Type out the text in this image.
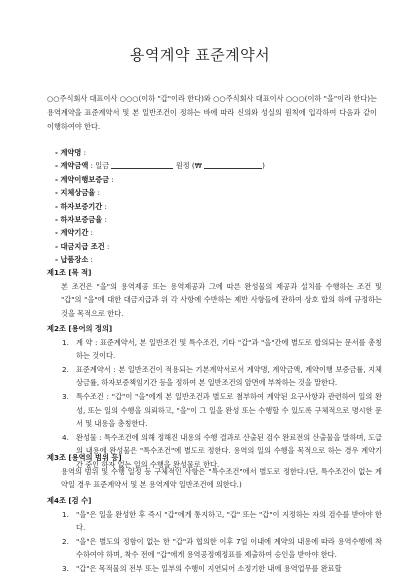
용역계약 표준계약서
○○주식회사 대표이사 ○○○(이하 "갑"이라 한다)와 ○○주식회사 대표이사 ○○○(이하 "을"이라 한다)는 용역계약을 표준계약서 및 본 일반조건이 정하는 바에 따라 신의와 성실의 원칙에 입각하여 다음과 같이 이행하여야 한다.
- 계약명 :
- 계약금액 : 일금	원정 (₩	)
- 계약이행보증금 :
- 지체상금율 :
- 하자보증기간 :
- 하자보증금율 :
- 계약기간 :
- 대금지급 조건 :
- 납품장소 :
제1조 [목 적]
본 조건은 "을"의 용역제공 또는 용역제공과 그에 따른 완성물의 제공과 설치를 수행하는 조건 및 "갑"의 "을"에 대한 대금지급과 위 각 사항에 수반하는 제반 사항들에 관하여 상호 합의 하에 규정하는 것을 목적으로 한다.
제2조 [용어의 정의]
1. 계 약 : 표준계약서, 본 일반조건 및 특수조건, 기타 "갑"과 "을"간에 별도로 합의되는 문서를 총칭하는 것이다.
2. 표준계약서 : 본 일반조건이 적용되는 기본계약서로서 계약명, 계약금액, 계약이행 보증금률, 지체상금률, 하자보증책임기간 등을 정하여 본 일반조건의 앞면에 부착하는 것을 말한다.
3. 특수조건 : "갑"이 "을"에게 본 일반조건과 별도로 첨부하여 계약된 요구사항과 관련하여 일의 완성, 또는 일의 수행을 의뢰하고, "을"이 그 일을 완성 또는 수행할 수 있도록 구체적으로 명시한 문서 및 내용을 총칭한다.
4. 완성물 : 특수조건에 의해 정해진 내용의 수행 결과로 산출된 검수 완료전의 산출물을 말하며, 도급의 내용에 완성물은 "특수조건"에 별도로 정한다. 용역의 일의 수행을 목적으로 하는 경우 계약기간 중인 하자 없는 일의 수행을 완성물로 한다.
제3조 [용역의 범위 등]
용역의 범위 및 수행 일정 등 구체적인 사항은 "특수조건"에서 별도로 정한다.(단, 특수조건이 없는 계약일 경우 표준계약서 및 본 용역계약 일반조건에 의한다.)
제4조 [검 수]
1. "을"은 일을 완성한 후 즉시 "갑"에게 통지하고, "갑" 또는 "갑"이 지정하는 자의 검수를 받아야 한다.
2. "을"은 별도의 정함이 없는 한 "갑"과 협의한 이후 7일 이내에 계약의 내용에 따라 용역수행에 착수하여야 하며, 착수 전에 "갑"에게 용역공정예정표를 제출하여 승인을 받아야 한다.
3. "갑"은 목적물의 전부 또는 일부의 수행이 지연되어 소정기한 내에 용역업무를 완료할
